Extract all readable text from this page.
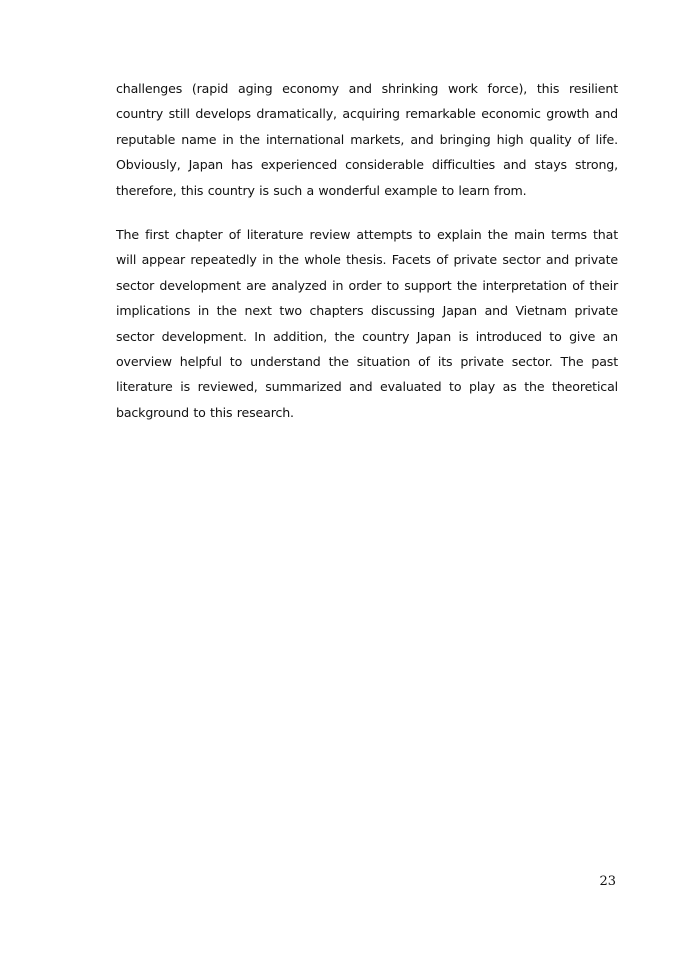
challenges (rapid aging economy and shrinking work force), this resilient country still develops dramatically, acquiring remarkable economic growth and reputable name in the international markets, and bringing high quality of life. Obviously, Japan has experienced considerable difficulties and stays strong, therefore, this country is such a wonderful example to learn from.

The first chapter of literature review attempts to explain the main terms that will appear repeatedly in the whole thesis. Facets of private sector and private sector development are analyzed in order to support the interpretation of their implications in the next two chapters discussing Japan and Vietnam private sector development. In addition, the country Japan is introduced to give an overview helpful to understand the situation of its private sector. The past literature is reviewed, summarized and evaluated to play as the theoretical background to this research.

23
